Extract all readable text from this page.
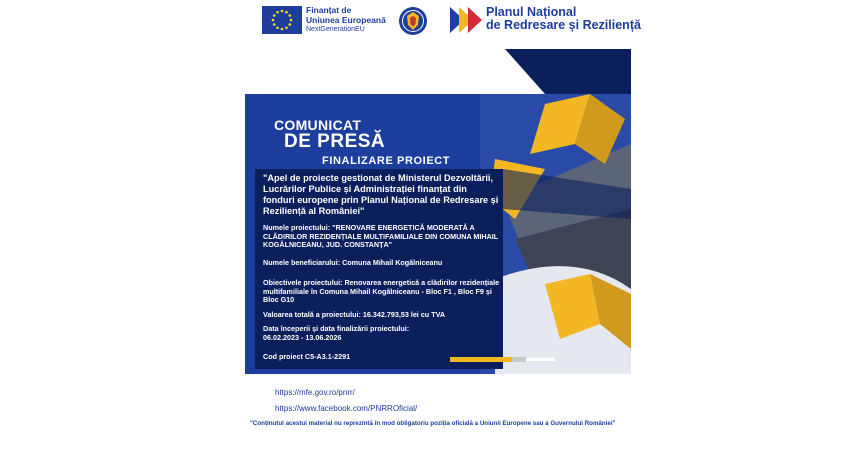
Finanțat de
Uniunea Europeană
NextGenerationEU
Planul Național
de Redresare și Reziliență
COMUNICAT
DE PRESĂ
FINALIZARE PROIECT
"Apel de proiecte gestionat de Ministerul Dezvoltării, Lucrărilor Publice și Administrației finanțat din fonduri europene prin Planul Național de Redresare și Reziliență al României"
Numele proiectului: "RENOVARE ENERGETICĂ MODERATĂ A CLĂDIRILOR REZIDENȚIALE MULTIFAMILIALE DIN COMUNA MIHAIL KOGĂLNICEANU, JUD. CONSTANȚA"
Numele beneficiarului: Comuna Mihail Kogălniceanu
Obiectivele proiectului: Renovarea energetică a clădirilor rezidențiale multifamiliale în Comuna Mihail Kogălniceanu - Bloc F1 , Bloc F9 și Bloc G10
Valoarea totală a proiectului: 16.342.793,53 lei cu TVA
Data începerii și data finalizării proiectului:
06.02.2023 - 13.06.2026
Cod proiect C5-A3.1-2291
https://mfe.gov.ro/pnrr/
https://www.facebook.com/PNRROficial/
"Conținutul acestui material nu reprezintă în mod obligatoriu poziția oficială a Uniunii Europene sau a Guvernului României"
